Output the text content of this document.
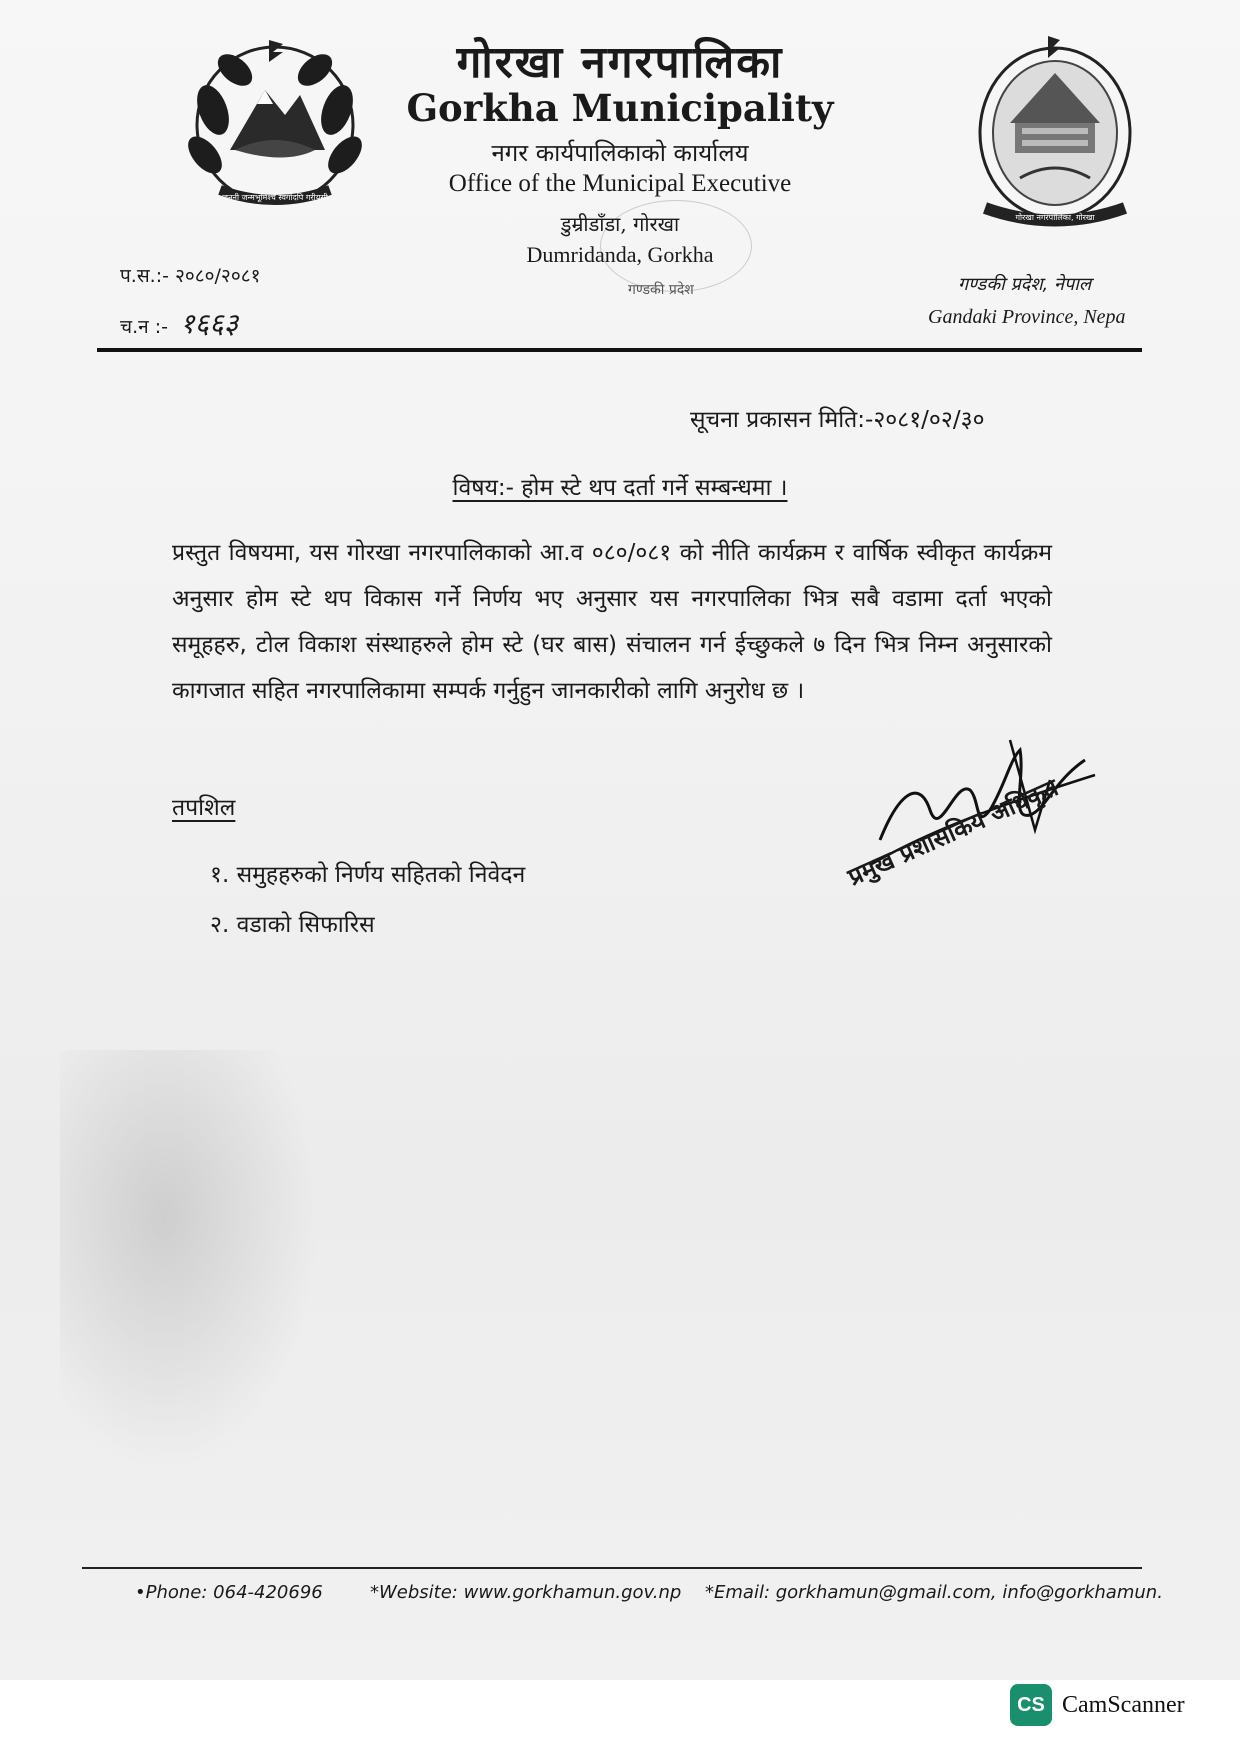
जननी जन्मभूमिश्च स्वर्गादपि गरीयसी
गोरखा नगरपालिका, गोरखा
गोरखा नगरपालिका
Gorkha Municipality
नगर कार्यपालिकाको कार्यालय
Office of the Municipal Executive
डुम्रीडाँडा, गोरखा
Dumridanda, Gorkha
गण्डकी प्रदेश
प.स.:- २०८०/२०८१
च.न :- १६६३
गण्डकी प्रदेश, नेपाल
Gandaki Province, Nepa
सूचना प्रकासन मिति:-२०८१/०२/३०
विषय:- होम स्टे थप दर्ता गर्ने सम्बन्धमा ।
प्रस्तुत विषयमा, यस गोरखा नगरपालिकाको आ.व ०८०/०८१ को नीति कार्यक्रम र वार्षिक स्वीकृत कार्यक्रम अनुसार होम स्टे थप विकास गर्ने निर्णय भए अनुसार यस नगरपालिका भित्र सबै वडामा दर्ता भएको समूहहरु, टोल विकाश संस्थाहरुले होम स्टे (घर बास) संचालन गर्न ईच्छुकले ७ दिन भित्र निम्न अनुसारको कागजात सहित नगरपालिकामा सम्पर्क गर्नुहुन जानकारीको लागि अनुरोध छ ।
तपशिल
१. समुहहरुको निर्णय सहितको निवेदन
२. वडाको सिफारिस
प्रमुख प्रशासकिय अधिकृत
•Phone: 064-420696	*Website: www.gorkhamun.gov.np *Email: gorkhamun@gmail.com, info@gorkhamun.
CS CamScanner
